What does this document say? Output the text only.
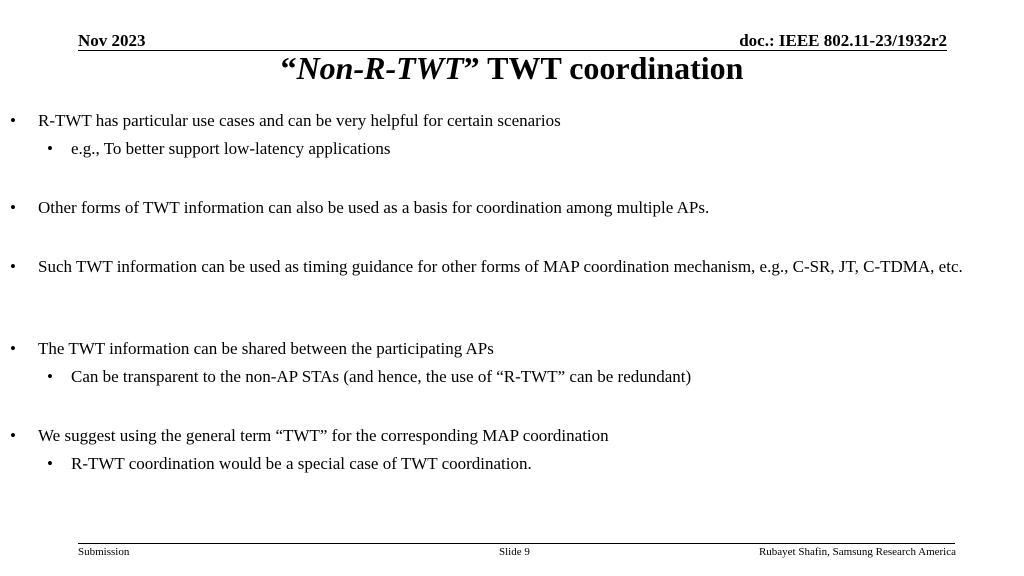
Nov 2023	doc.: IEEE 802.11-23/1932r2
“Non-R-TWT” TWT coordination
• R-TWT has particular use cases and can be very helpful for certain scenarios
• e.g., To better support low-latency applications
• Other forms of TWT information can also be used as a basis for coordination among multiple APs.
• Such TWT information can be used as timing guidance for other forms of MAP coordination mechanism, e.g., C-SR, JT, C-TDMA, etc.
• The TWT information can be shared between the participating APs
• Can be transparent to the non-AP STAs (and hence, the use of “R-TWT” can be redundant)
• We suggest using the general term “TWT” for the corresponding MAP coordination
• R-TWT coordination would be a special case of TWT coordination.
Submission	Slide 9	Rubayet Shafin, Samsung Research America
